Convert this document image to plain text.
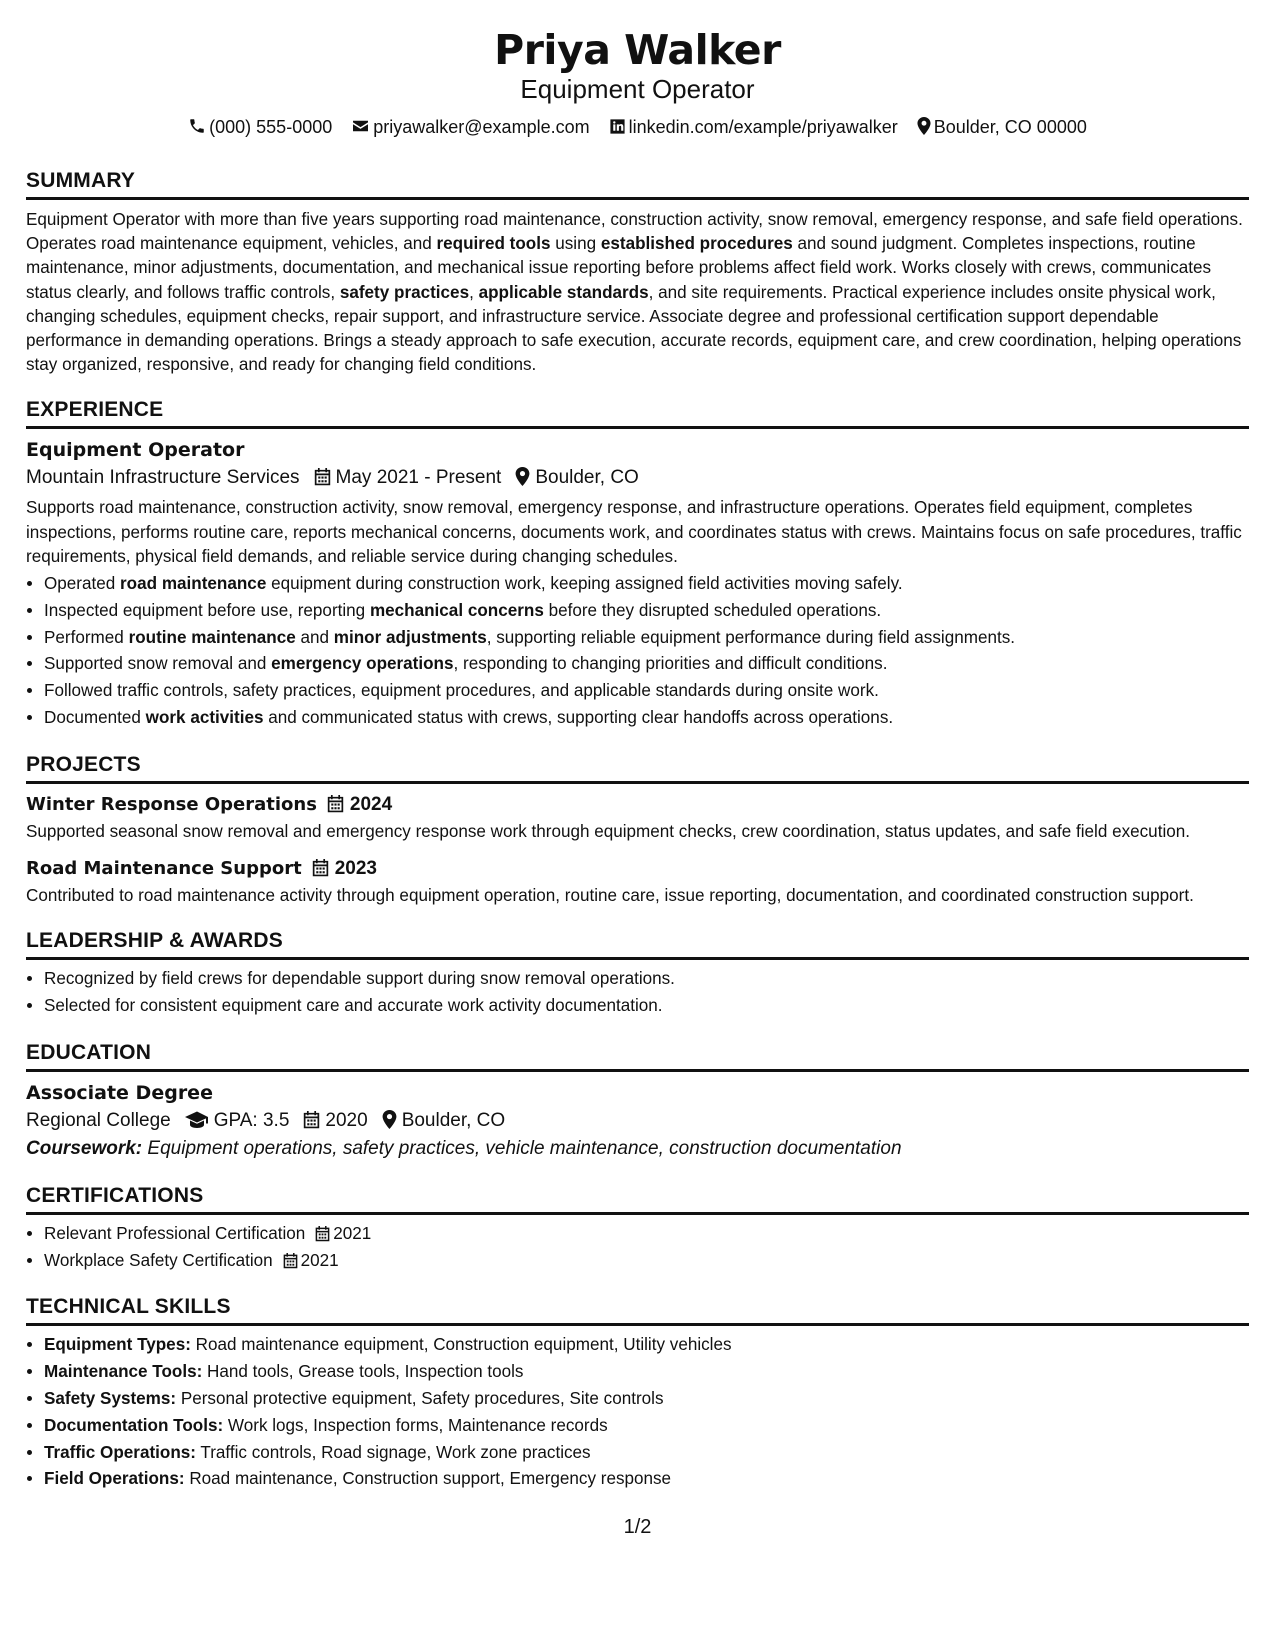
Priya Walker
Equipment Operator
(000) 555-0000 priyawalker@example.com linkedin.com/example/priyawalker Boulder, CO 00000
SUMMARY
Equipment Operator with more than five years supporting road maintenance, construction activity, snow removal, emergency response, and safe field operations. Operates road maintenance equipment, vehicles, and required tools using established procedures and sound judgment. Completes inspections, routine maintenance, minor adjustments, documentation, and mechanical issue reporting before problems affect field work. Works closely with crews, communicates status clearly, and follows traffic controls, safety practices, applicable standards, and site requirements. Practical experience includes onsite physical work, changing schedules, equipment checks, repair support, and infrastructure service. Associate degree and professional certification support dependable performance in demanding operations. Brings a steady approach to safe execution, accurate records, equipment care, and crew coordination, helping operations stay organized, responsive, and ready for changing field conditions.
EXPERIENCE
Equipment Operator
Mountain Infrastructure Services May 2021 - Present Boulder, CO
Supports road maintenance, construction activity, snow removal, emergency response, and infrastructure operations. Operates field equipment, completes inspections, performs routine care, reports mechanical concerns, documents work, and coordinates status with crews. Maintains focus on safe procedures, traffic requirements, physical field demands, and reliable service during changing schedules.
• Operated road maintenance equipment during construction work, keeping assigned field activities moving safely.
• Inspected equipment before use, reporting mechanical concerns before they disrupted scheduled operations.
• Performed routine maintenance and minor adjustments, supporting reliable equipment performance during field assignments.
• Supported snow removal and emergency operations, responding to changing priorities and difficult conditions.
• Followed traffic controls, safety practices, equipment procedures, and applicable standards during onsite work.
• Documented work activities and communicated status with crews, supporting clear handoffs across operations.
PROJECTS
Winter Response Operations 2024
Supported seasonal snow removal and emergency response work through equipment checks, crew coordination, status updates, and safe field execution.
Road Maintenance Support 2023
Contributed to road maintenance activity through equipment operation, routine care, issue reporting, documentation, and coordinated construction support.
LEADERSHIP & AWARDS
• Recognized by field crews for dependable support during snow removal operations.
• Selected for consistent equipment care and accurate work activity documentation.
EDUCATION
Associate Degree
Regional College GPA: 3.5 2020 Boulder, CO
Coursework: Equipment operations, safety practices, vehicle maintenance, construction documentation
CERTIFICATIONS
• Relevant Professional Certification 2021
• Workplace Safety Certification 2021
TECHNICAL SKILLS
• Equipment Types: Road maintenance equipment, Construction equipment, Utility vehicles
• Maintenance Tools: Hand tools, Grease tools, Inspection tools
• Safety Systems: Personal protective equipment, Safety procedures, Site controls
• Documentation Tools: Work logs, Inspection forms, Maintenance records
• Traffic Operations: Traffic controls, Road signage, Work zone practices
• Field Operations: Road maintenance, Construction support, Emergency response
1/2
